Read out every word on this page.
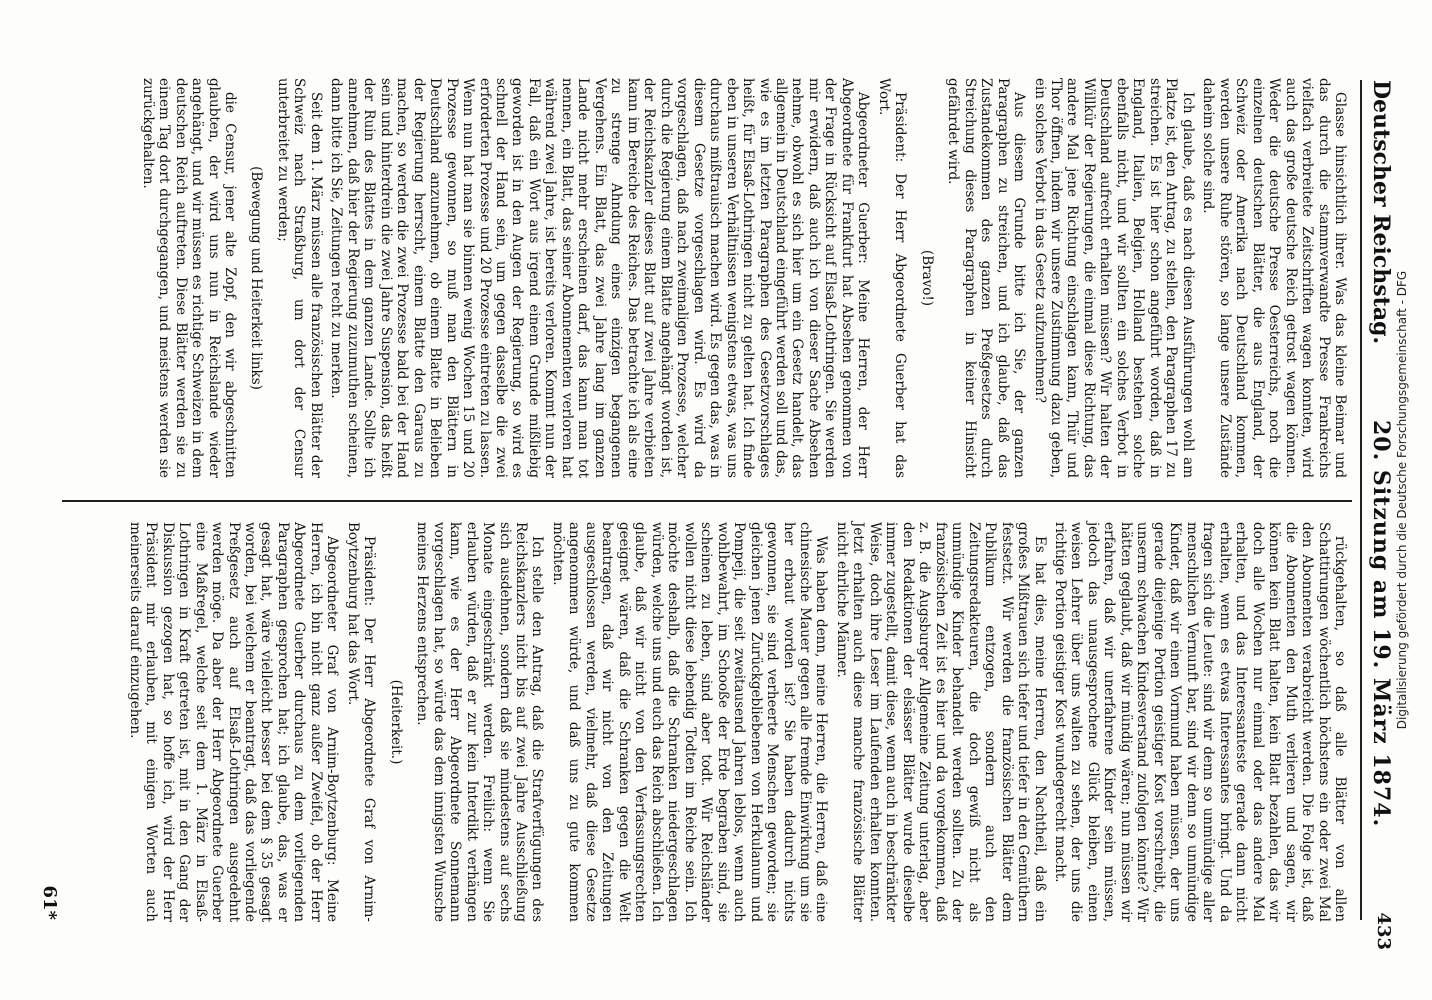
Deutscher Reichstag.
20. Sitzung am 19. März 1874.
433

Glasse hinsichtlich ihrer. Was das kleine Beimar und das durch die stammverwandte Presse Frankreichs vielfach verbreitete Zeitschriften wagen konnten, wird auch das große deutsche Reich getrost wagen können. Weder die deutsche Presse Oesterreichs, noch die einzelnen deutschen Blätter, die aus England, der Schweiz oder Amerika nach Deutschland kommen, werden unsere Ruhe stören, so lange unsere Zustände daheim solche sind.

Ich glaube, daß es nach diesen Ausführungen wohl am Platze ist, den Antrag, zu stellen, den Paragraphen 17 zu streichen. Es ist hier schon angeführt worden, daß in England, Italien, Belgien, Holland bestehen solche ebenfalls nicht, und wir sollten ein solches Verbot in Deutschland aufrecht erhalten müssen? Wir halten der Willkür der Regierungen, die einmal diese Richtung, das andere Mal jene Richtung einschlagen kann, Thür und Thor öffnen, indem wir unsere Zustimmung dazu geben, ein solches Verbot in das Gesetz aufzunehmen?

Aus diesem Grunde bitte ich Sie, der ganzen Paragraphen zu streichen, und ich glaube, daß das Zustandekommen des ganzen Preßgesetzes durch Streichung dieses Paragraphen in keiner Hinsicht gefährdet wird.

(Bravo!)

Präsident: Der Herr Abgeordnete Guerber hat das Wort.

Abgeordneter Guerber: Meine Herren, der Herr Abgeordnete für Frankfurt hat Absehen genommen von der Frage in Rücksicht auf Elsaß-Lothringen. Sie werden mir erwidern, daß auch ich von dieser Sache Absehen nehme, obwohl es sich hier um ein Gesetz handelt, das allgemein in Deutschland eingeführt werden soll und das, wie es im letzten Paragraphen des Gesetzvorschlages heißt, für Elsaß-Lothringen nicht zu gelten hat. Ich finde eben in unseren Verhältnissen wenigstens etwas, was uns durchaus mißtrauisch machen wird. Es gegen das, was in diesem Gesetze vorgeschlagen wird. Es wird da vorgeschlagen, daß nach zweimaligen Prozesse, welcher durch die Regierung einem Blatte angehängt worden ist, der Reichskanzler dieses Blatt auf zwei Jahre verbieten kann im Bereiche des Reiches. Das betrachte ich als eine zu strenge Ahndung eines einzigen begangenen Vergehens. Ein Blatt, das zwei Jahre lang im ganzen Lande nicht mehr erscheinen darf, das kann man tot nennen, ein Blatt, das seiner Abonnementen verloren hat während zwei Jahre, ist bereits verloren. Kommt nun der Fall, daß ein Wort aus irgend einem Grunde mißliebig geworden ist in den Augen der Regierung, so wird es schnell der Hand sein, um gegen dasselbe die zwei erforderten Prozesse und 20 Prozesse eintreten zu lassen. Wenn nun hat man sie binnen wenig Wochen 15 und 20 Prozesse gewonnen, so muß man den Blättern in Deutschland anzunehmen, ob einem Blatte in Belieben der Regierung herrscht, einem Blatte den Garaus zu machen, so werden die zwei Prozesse bald bei der Hand sein und hinterdrein die zwei Jahre Suspension, das heißt der Ruin des Blattes in dem ganzen Lande. Sollte ich annehmen, daß hier der Regierung zuzumuthen scheinen, dann bitte ich Sie, Zeitungen recht zu merken.

Seit dem 1. März müssen alle französischen Blätter der Schweiz nach Straßburg, um dort der Censur unterbreitet zu werden;

(Bewegung und Heiterkeit links)

die Censur, jener alte Zopf, den wir abgeschnitten glaubten, der wird uns nun in Reichslande wieder angehängt, und wir müssen es richtige Schweizen in dem deutschen Reich auftreten. Diese Blätter werden sie zu einem Tag dort durchgegangen, und meistens werden sie zurückgehalten.

rückgehalten, so daß alle Blätter von allen Schattirungen wöchentlich höchstens ein oder zwei Mal den Abonnenten verabreicht werden. Die Folge ist, daß die Abonnenten den Muth verlieren und sagen, wir können kein Blatt halten, kein Blatt bezahlen, das wir doch alle Wochen nur einmal oder das andere Mal erhalten, und das Interessanteste gerade dann nicht erhalten, wenn es etwas Interessantes bringt. Und da fragen sich die Leute: sind wir denn so unmündige aller menschlichen Vernunft bar, sind wir denn so unmündige Kinder, daß wir einen Vormund haben müssen, der uns gerade diejenige Portion geistiger Kost vorschreibt, die unserm schwachen Kindesverstand zufolgen könnte? Wir hätten geglaubt, daß wir mündig wären; nun müssen wir erfahren, daß wir unerfahrene Kinder sein müssen, jedoch das unausgesprochene Glück bleiben, einen weisen Lehrer über uns walten zu sehen, der uns die richtige Portion geistiger Kost wundegerecht macht.

Es hat dies, meine Herren, den Nachtheil, daß ein großes Mißtrauen sich tiefer und tiefer in den Gemüthern festsetzt. Wir werden die französischen Blätter dem Publikum entzogen, sondern auch den Zeitungsredakteuren, die doch gewiß nicht als unmündige Kinder behandelt werden sollten. Zu der französischen Zeit ist es hier und da vorgekommen, daß z. B. die Augsburger Allgemeine Zeitung unterlag, aber den Redaktionen der elsässer Blätter wurde dieselbe immer zugestellt, damit diese, wenn auch in beschränkter Weise, doch ihre Leser im Laufenden erhalten konnten. Jetzt erhalten auch diese manche französische Blätter nicht ehrliche Männer.

Was haben denn, meine Herren, die Herren, daß eine chinesische Mauer gegen alle fremde Einwirkung um sie her erbaut worden ist? Sie haben dadurch nichts gewonnen, sie sind verheerte Menschen geworden; sie gleichen jenen Zurückgebliebenen von Herkulanum und Pompeji, die seit zweitausend Jahren leblos, wenn auch wohlbewahrt, im Schooße der Erde begraben sind, sie scheinen zu leben, sind aber todt. Wir Reichsländer wollen nicht diese lebendig Todten im Reiche sein. Ich möchte deshalb, daß die Schranken niedergeschlagen würden, welche uns und euch das Reich abschließen. Ich glaube, daß wir nicht von den Verfassungsrechten geeignet wären, daß die Schranken gegen die Welt beantragen, daß wir nicht von den Zeitungen ausgeschlossen werden, vielmehr, daß diese Gesetze angenommen würde, und daß uns zu gute kommen möchten.

Ich stelle den Antrag, daß die Strafverfügungen des Reichskanzlers nicht bis auf zwei Jahre Ausschließung sich ausdehnen, sondern daß sie mindestens auf sechs Monate eingeschränkt werden. Freilich: wenn Sie erlauben würden, daß er zur kein Interdikt verhängen kann, wie es der Herr Abgeordnete Sonnemann vorgeschlagen hat, so würde das dem innigsten Wunsche meines Herzens entsprechen.

(Heiterkeit.)

Präsident: Der Herr Abgeordnete Graf von Arnim-Boytzenburg hat das Wort.

Abgeordneter Graf von Arnim-Boytzenburg: Meine Herren, ich bin nicht ganz außer Zweifel, ob der Herr Abgeordnete Guerber durchaus zu dem vorliegenden Paragraphen gesprochen hat; ich glaube, das, was er gesagt hat, wäre vielleicht besser bei dem § 35 gesagt worden, bei welchem er beantragt, daß das vorliegende Preßgesetz auch auf Elsaß-Lothringen ausgedehnt werden möge. Da aber der Herr Abgeordnete Guerber eine Maßregel, welche seit dem 1. März in Elsaß-Lothringen in Kraft getreten ist, mit in den Gang der Diskussion gezogen hat, so hoffe ich, wird der Herr Präsident mir erlauben, mit einigen Worten auch meinerseits darauf einzugehen.

61*
Digitalisierung gefördert durch die Deutsche Forschungsgemeinschaft - DFG
